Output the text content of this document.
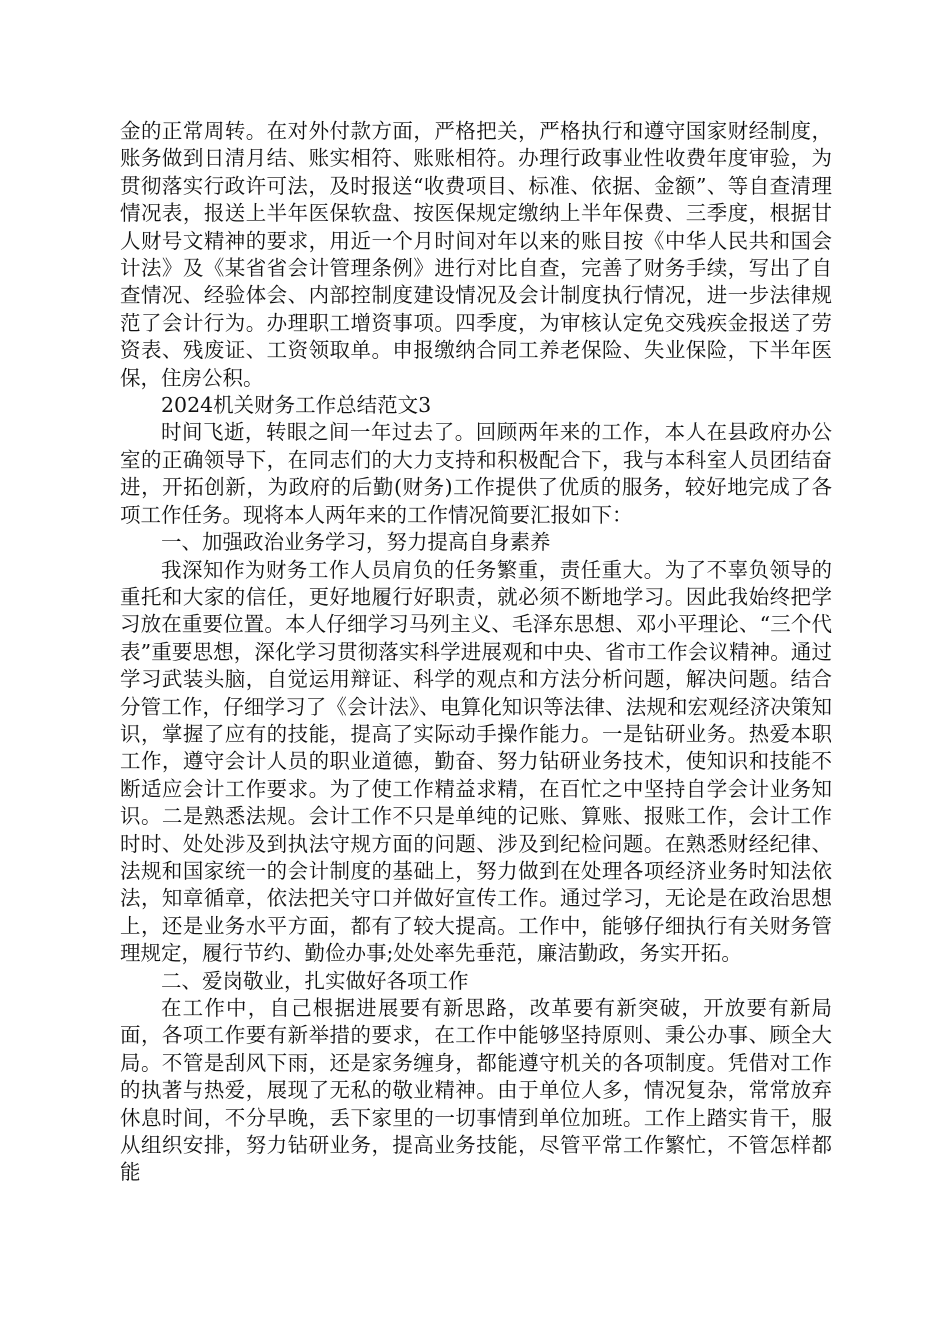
金的正常周转。在对外付款方面，严格把关，严格执行和遵守国家财经制度，账务做到日清月结、账实相符、账账相符。办理行政事业性收费年度审验，为贯彻落实行政许可法，及时报送“收费项目、标准、依据、金额”、等自查清理情况表，报送上半年医保软盘、按医保规定缴纳上半年保费、三季度，根据甘人财号文精神的要求，用近一个月时间对年以来的账目按《中华人民共和国会计法》及《某省省会计管理条例》进行对比自查，完善了财务手续，写出了自查情况、经验体会、内部控制度建设情况及会计制度执行情况，进一步法律规范了会计行为。办理职工增资事项。四季度，为审核认定免交残疾金报送了劳资表、残废证、工资领取单。申报缴纳合同工养老保险、失业保险，下半年医保，住房公积。

2024机关财务工作总结范文3

时间飞逝，转眼之间一年过去了。回顾两年来的工作，本人在县政府办公室的正确领导下，在同志们的大力支持和积极配合下，我与本科室人员团结奋进，开拓创新，为政府的后勤(财务)工作提供了优质的服务，较好地完成了各项工作任务。现将本人两年来的工作情况简要汇报如下：

一、加强政治业务学习，努力提高自身素养

我深知作为财务工作人员肩负的任务繁重，责任重大。为了不辜负领导的重托和大家的信任，更好地履行好职责，就必须不断地学习。因此我始终把学习放在重要位置。本人仔细学习马列主义、毛泽东思想、邓小平理论、“三个代表”重要思想，深化学习贯彻落实科学进展观和中央、省市工作会议精神。通过学习武装头脑，自觉运用辩证、科学的观点和方法分析问题，解决问题。结合分管工作，仔细学习了《会计法》、电算化知识等法律、法规和宏观经济决策知识，掌握了应有的技能，提高了实际动手操作能力。一是钻研业务。热爱本职工作，遵守会计人员的职业道德，勤奋、努力钻研业务技术，使知识和技能不断适应会计工作要求。为了使工作精益求精，在百忙之中坚持自学会计业务知识。二是熟悉法规。会计工作不只是单纯的记账、算账、报账工作，会计工作时时、处处涉及到执法守规方面的问题、涉及到纪检问题。在熟悉财经纪律、法规和国家统一的会计制度的基础上，努力做到在处理各项经济业务时知法依法，知章循章，依法把关守口并做好宣传工作。通过学习，无论是在政治思想上，还是业务水平方面，都有了较大提高。工作中，能够仔细执行有关财务管理规定，履行节约、勤俭办事;处处率先垂范，廉洁勤政，务实开拓。

二、爱岗敬业，扎实做好各项工作

在工作中，自己根据进展要有新思路，改革要有新突破，开放要有新局面，各项工作要有新举措的要求，在工作中能够坚持原则、秉公办事、顾全大局。不管是刮风下雨，还是家务缠身，都能遵守机关的各项制度。凭借对工作的执著与热爱，展现了无私的敬业精神。由于单位人多，情况复杂，常常放弃休息时间，不分早晚，丢下家里的一切事情到单位加班。工作上踏实肯干，服从组织安排，努力钻研业务，提高业务技能，尽管平常工作繁忙，不管怎样都能
